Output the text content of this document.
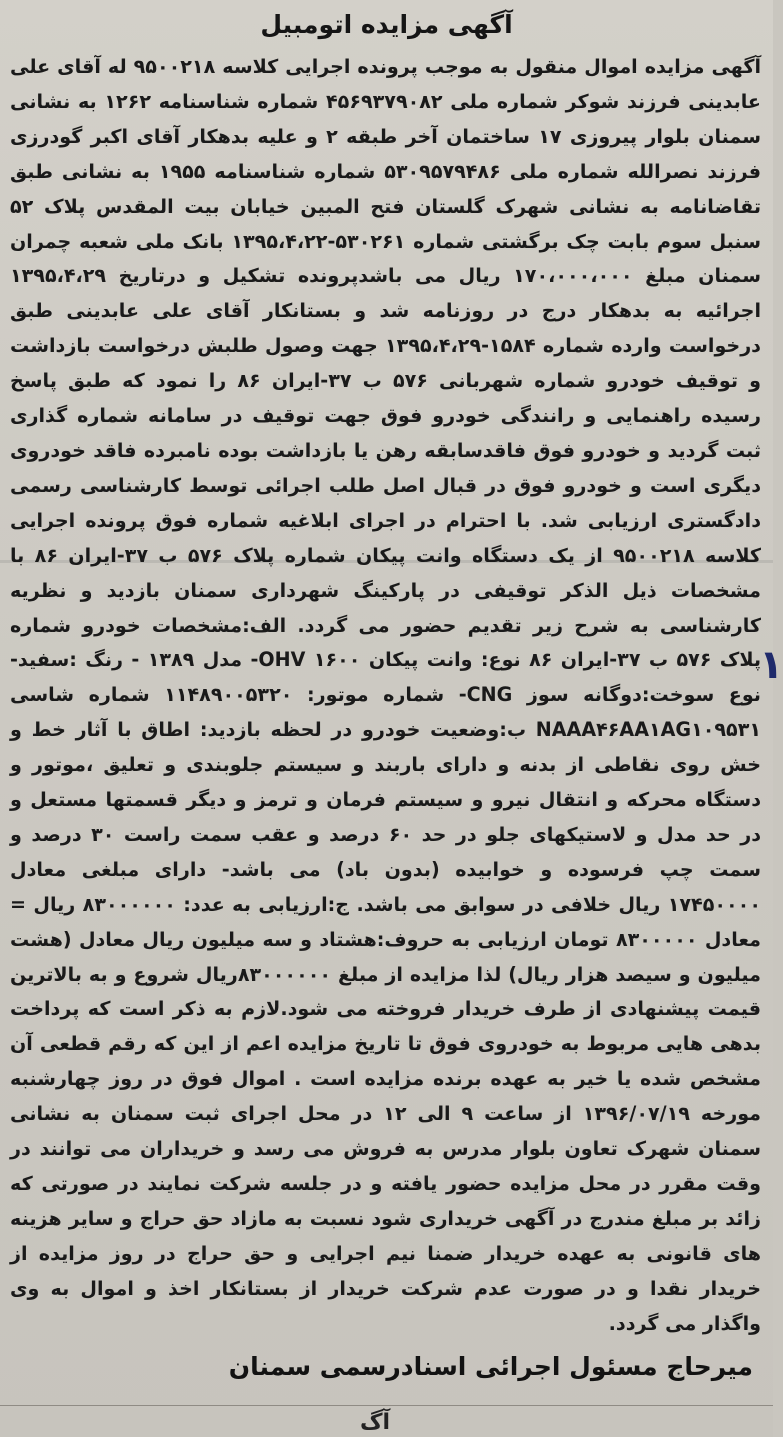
آگهی مزایده اتومبیل
آگهی مزایده اموال منقول به موجب پرونده اجرایی کلاسه ۹۵۰۰۲۱۸ له آقای علی عابدینی فرزند شوکر شماره ملی ۴۵۶۹۳۷۹۰۸۲ شماره شناسنامه ۱۲۶۲ به نشانی سمنان بلوار پیروزی ۱۷ ساختمان آخر طبقه ۲ و علیه بدهکار آقای اکبر گودرزی فرزند نصرالله شماره ملی ۵۳۰۹۵۷۹۴۸۶ شماره شناسنامه ۱۹۵۵ به نشانی طبق تقاضانامه به نشانی شهرک گلستان فتح المبین خیابان بیت المقدس پلاک ۵۲ سنبل سوم بابت چک برگشتی شماره ۵۳۰۲۶۱-۱۳۹۵،۴،۲۲ بانک ملی شعبه چمران سمنان مبلغ ۱۷۰،۰۰۰،۰۰۰ ریال می باشدپرونده تشکیل و درتاریخ ۱۳۹۵،۴،۲۹ اجرائیه به بدهکار درج در روزنامه شد و بستانکار آقای علی عابدینی طبق درخواست وارده شماره ۱۵۸۴-۱۳۹۵،۴،۲۹ جهت وصول طلبش درخواست بازداشت و توقیف خودرو شماره شهربانی ۵۷۶ ب ۳۷-ایران ۸۶ را نمود که طبق پاسخ رسیده راهنمایی و رانندگی خودرو فوق جهت توقیف در سامانه شماره گذاری ثبت گردید و خودرو فوق فاقدسابقه رهن یا بازداشت بوده نامبرده فاقد خودروی دیگری است و خودرو فوق در قبال اصل طلب اجرائی توسط کارشناسی رسمی دادگستری ارزیابی شد. با احترام در اجرای ابلاغیه شماره فوق پرونده اجرایی کلاسه ۹۵۰۰۲۱۸ از یک دستگاه وانت پیکان شماره پلاک ۵۷۶ ب ۳۷-ایران ۸۶ با مشخصات ذیل الذکر توقیفی در پارکینگ شهرداری سمنان بازدید و نظریه کارشناسی به شرح زیر تقدیم حضور می گردد. الف:مشخصات خودرو شماره پلاک ۵۷۶ ب ۳۷-ایران ۸۶ نوع: وانت پیکان ۱۶۰۰ OHV- مدل ۱۳۸۹ - رنگ :سفید- نوع سوخت:دوگانه سوز CNG- شماره موتور: ۱۱۴۸۹۰۰۵۳۲۰ شماره شاسی NAAA۴۶AA۱AG۱۰۹۵۳۱ ب:وضعیت خودرو در لحظه بازدید: اطاق با آثار خط و خش روی نقاطی از بدنه و دارای باربند و سیستم جلوبندی و تعلیق ،موتور و دستگاه محرکه و انتقال نیرو و سیستم فرمان و ترمز و دیگر قسمتها مستعل و در حد مدل و لاستیکهای جلو در حد ۶۰ درصد و عقب سمت راست ۳۰ درصد و سمت چپ فرسوده و خوابیده (بدون باد) می باشد- دارای مبلغی معادل ۱۷۴۵۰۰۰۰ ریال خلافی در سوابق می باشد. ج:ارزیابی به عدد: ۸۳۰۰۰۰۰۰ ریال = معادل ۸۳۰۰۰۰۰ تومان ارزیابی به حروف:هشتاد و سه میلیون ریال معادل (هشت میلیون و سیصد هزار ریال) لذا مزایده از مبلغ ۸۳۰۰۰۰۰۰ریال شروع و به بالاترین قیمت پیشنهادی از طرف خریدار فروخته می شود.لازم به ذکر است که پرداخت بدهی هایی مربوط به خودروی فوق تا تاریخ مزایده اعم از این که رقم قطعی آن مشخص شده یا خیر به عهده برنده مزایده است . اموال فوق در روز چهارشنبه مورخه ۱۳۹۶/۰۷/۱۹ از ساعت ۹ الی ۱۲ در محل اجرای ثبت سمنان به نشانی سمنان شهرک تعاون بلوار مدرس به فروش می رسد و خریداران می توانند در وقت مقرر در محل مزایده حضور یافته و در جلسه شرکت نمایند در صورتی که زائد بر مبلغ مندرج در آگهی خریداری شود نسبت به مازاد حق حراج و سایر هزینه های قانونی به عهده خریدار ضمنا نیم اجرایی و حق حراج در روز مزایده از خریدار نقدا و در صورت عدم شرکت خریدار از بستانکار اخذ و اموال به وی واگذار می گردد.
میرحاج مسئول اجرائی اسنادرسمی سمنان
١
آگ
